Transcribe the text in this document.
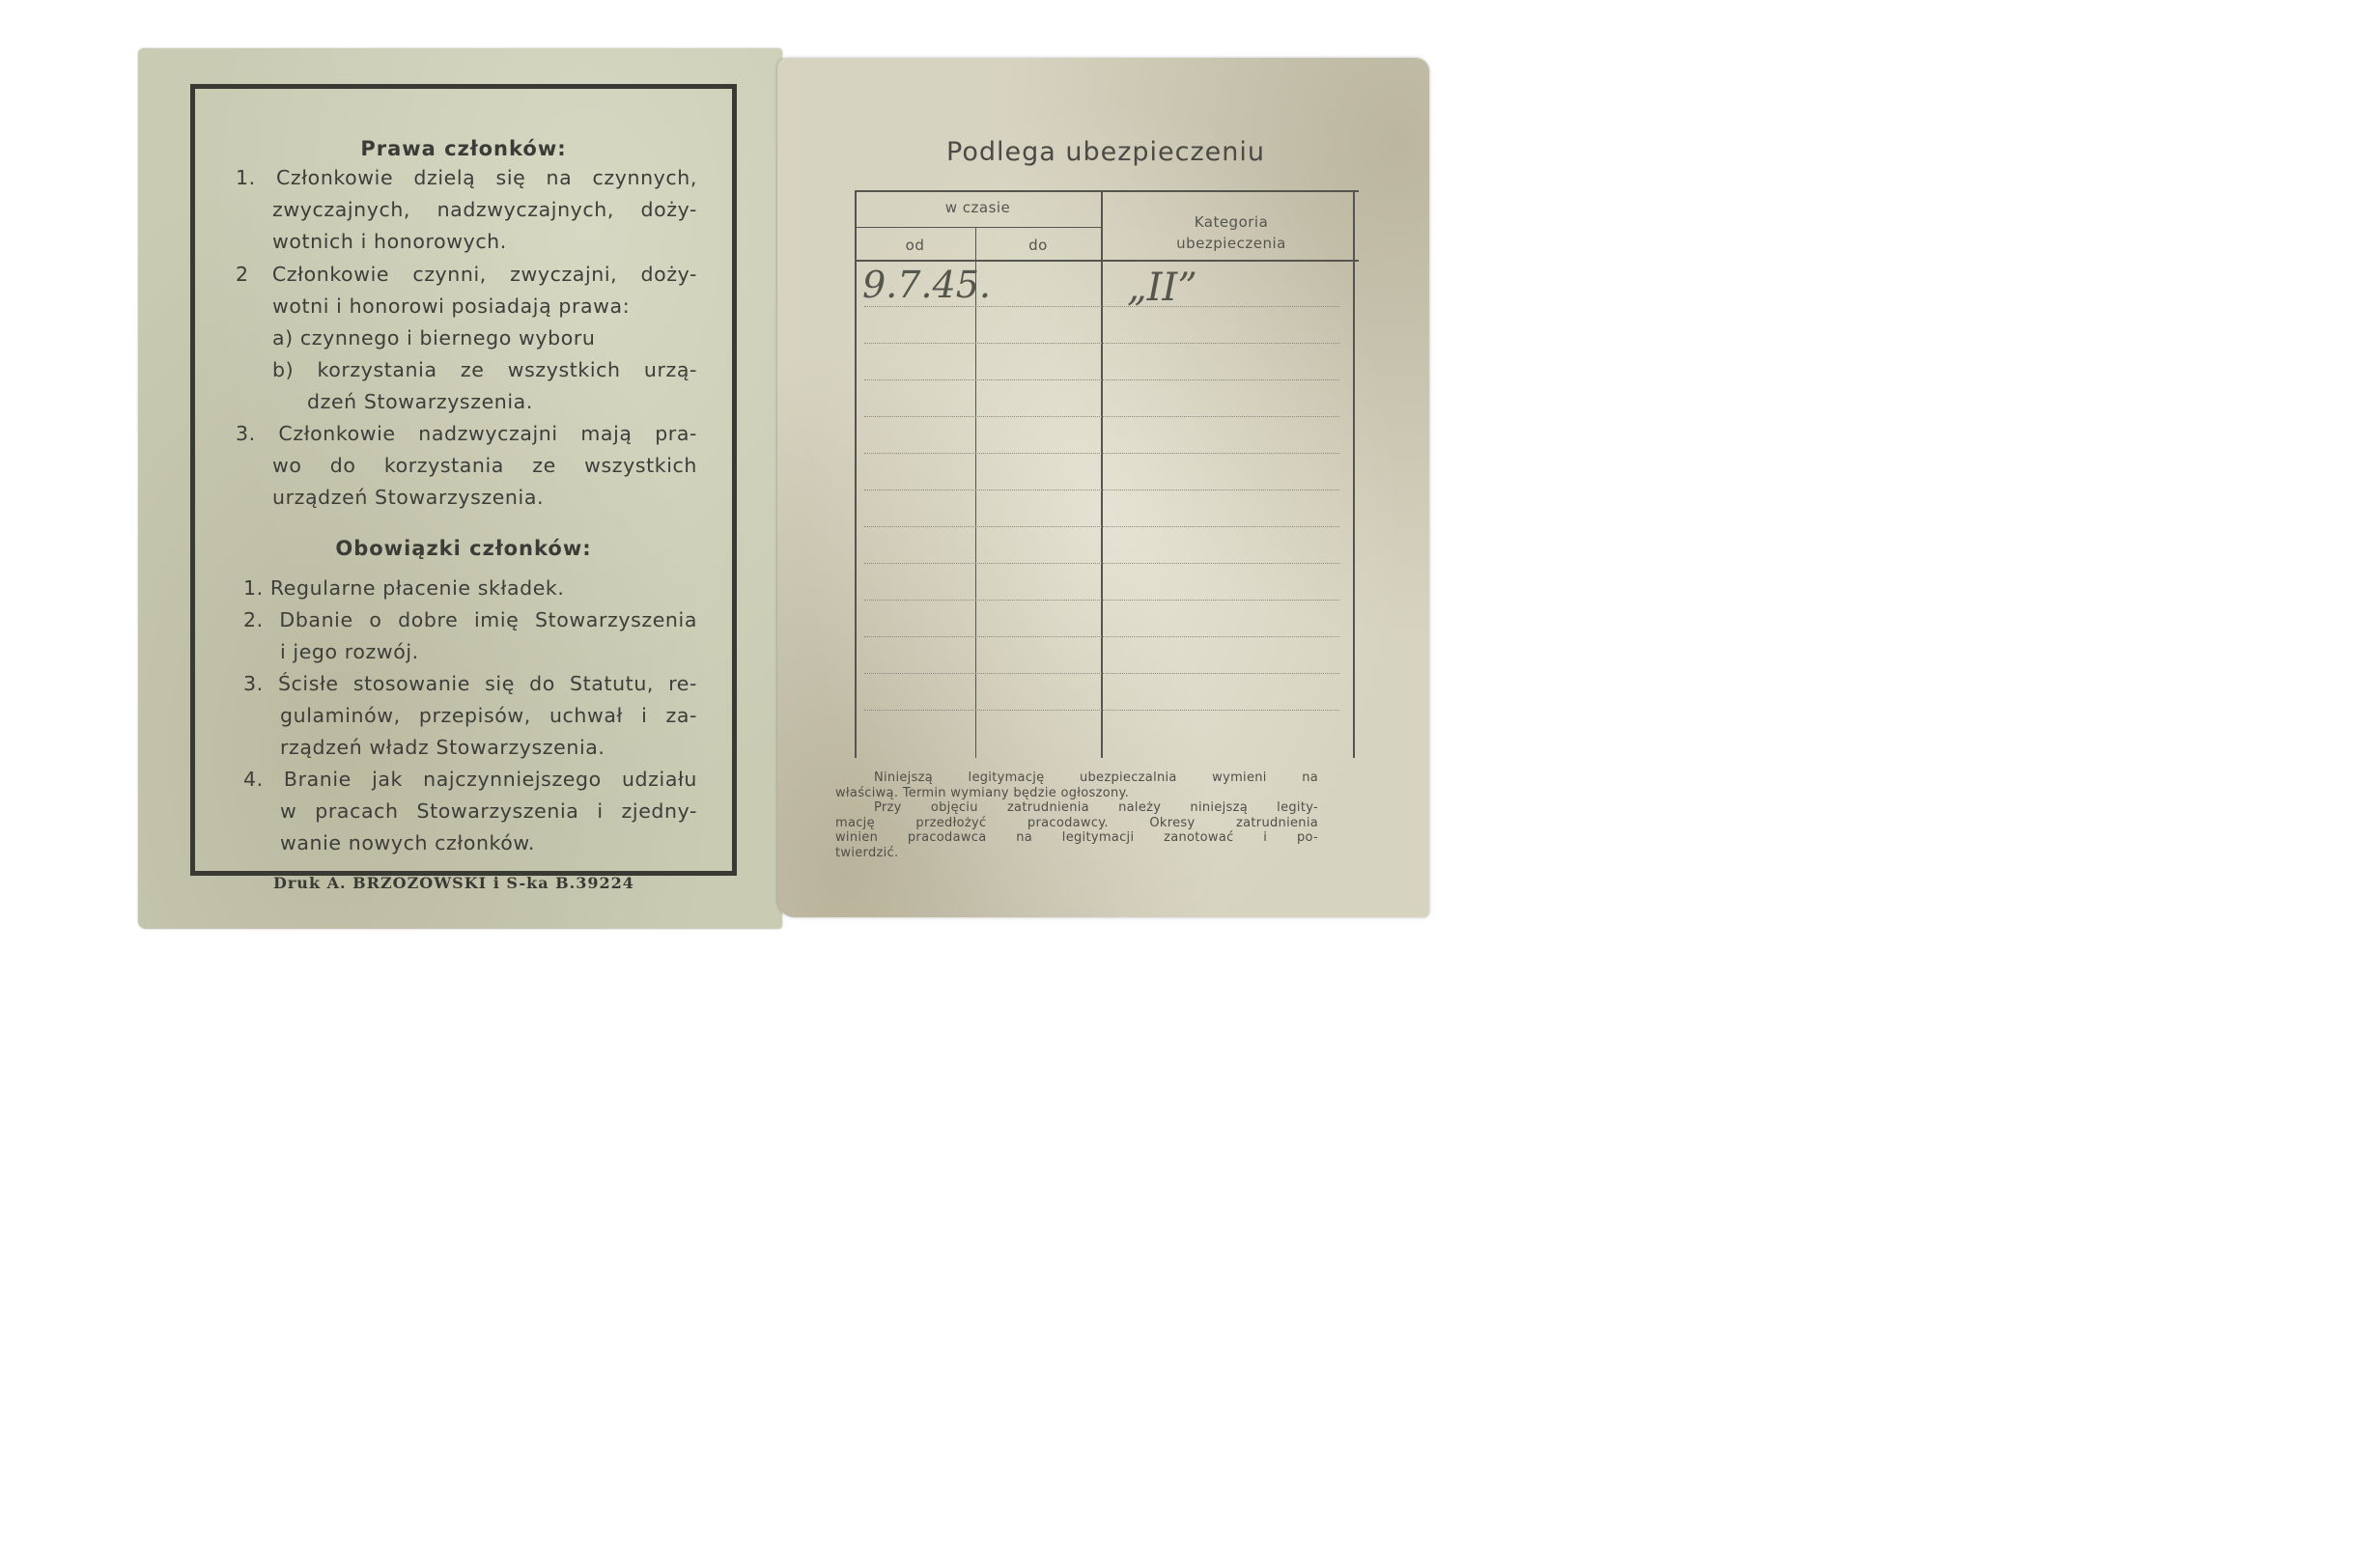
Prawa członków:
1. Członkowie dzielą się na czynnych,
zwyczajnych, nadzwyczajnych, doży-
wotnich i honorowych.
2 Członkowie czynni, zwyczajni, doży-
wotni i honorowi posiadają prawa:
a) czynnego i biernego wyboru
b) korzystania ze wszystkich urzą-
dzeń Stowarzyszenia.
3. Członkowie nadzwyczajni mają pra-
wo do korzystania ze wszystkich
urządzeń Stowarzyszenia.
Obowiązki członków:
1. Regularne płacenie składek.
2. Dbanie o dobre imię Stowarzyszenia
i jego rozwój.
3. Ścisłe stosowanie się do Statutu, re-
gulaminów, przepisów, uchwał i za-
rządzeń władz Stowarzyszenia.
4. Branie jak najczynniejszego udziału
w pracach Stowarzyszenia i zjedny-
wanie nowych członków.
Druk A. BRZOZOWSKI i S-ka B.39224
Podlega ubezpieczeniu
w czasie
od	do
Kategoria ubezpieczenia
9.7.45.	„II”
Niniejszą legitymację ubezpieczalnia wymieni na
właściwą. Termin wymiany będzie ogłoszony.
Przy objęciu zatrudnienia należy niniejszą legity-
mację przedłożyć pracodawcy. Okresy zatrudnienia
winien pracodawca na legitymacji zanotować i po-
twierdzić.
